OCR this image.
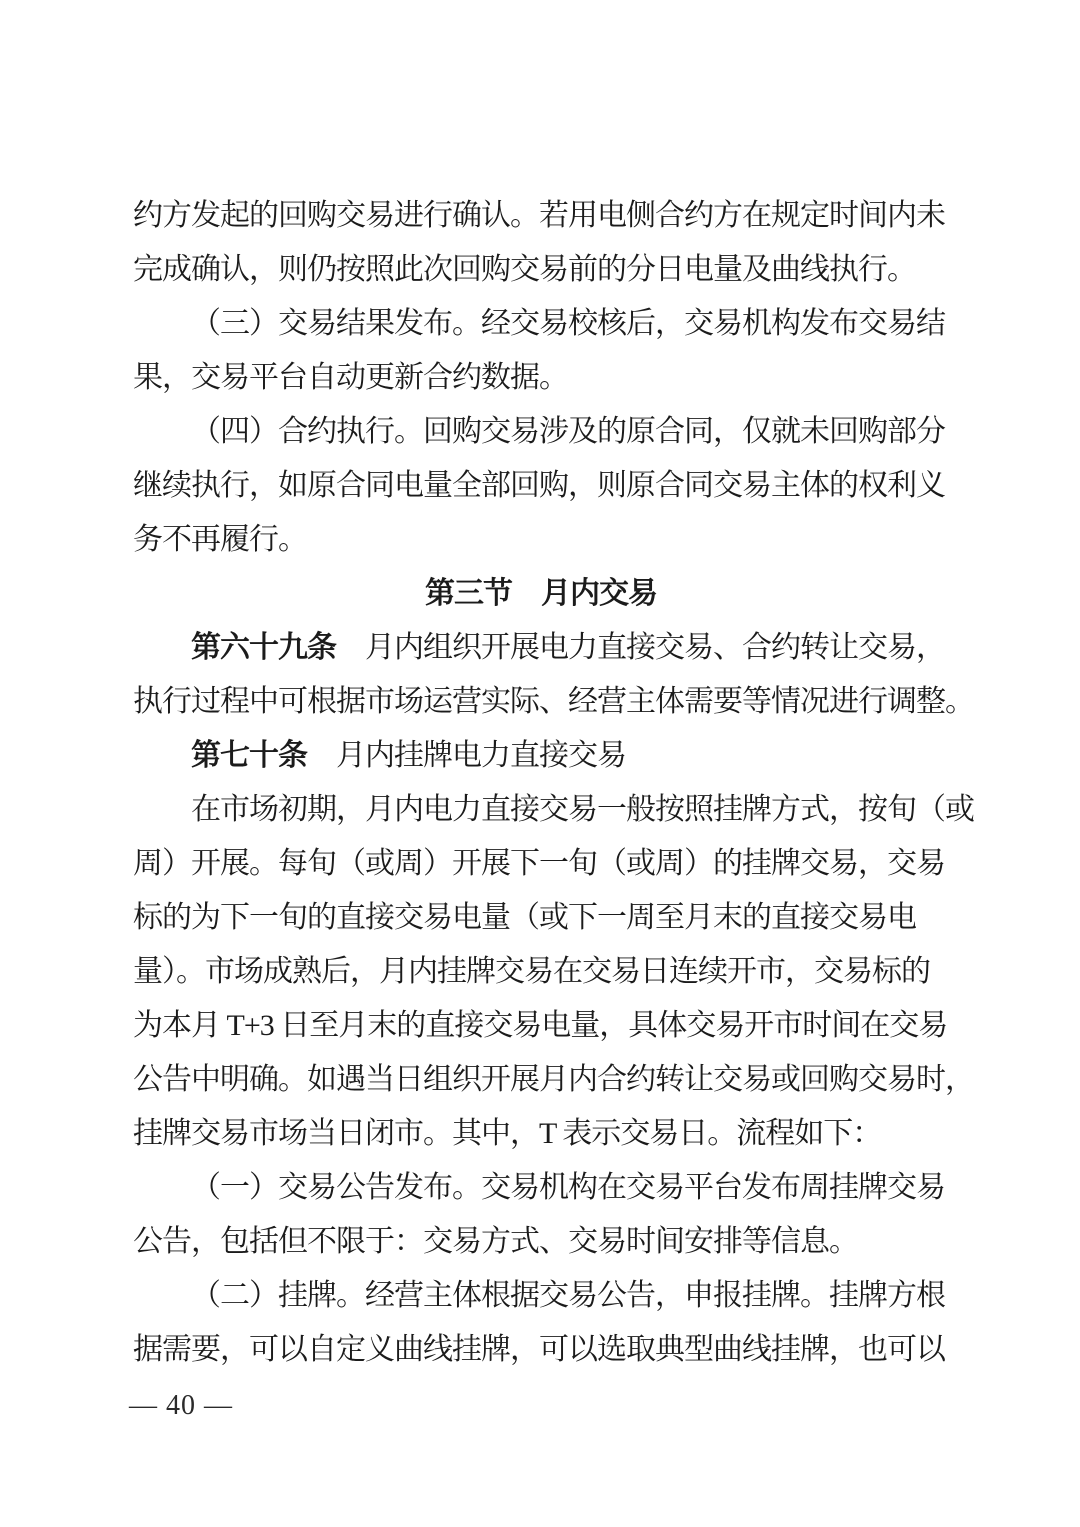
约方发起的回购交易进行确认。若用电侧合约方在规定时间内未
完成确认，则仍按照此次回购交易前的分日电量及曲线执行。
（三）交易结果发布。经交易校核后，交易机构发布交易结
果，交易平台自动更新合约数据。
（四）合约执行。回购交易涉及的原合同，仅就未回购部分
继续执行，如原合同电量全部回购，则原合同交易主体的权利义
务不再履行。
第三节　月内交易
第六十九条　月内组织开展电力直接交易、合约转让交易，
执行过程中可根据市场运营实际、经营主体需要等情况进行调整。
第七十条　月内挂牌电力直接交易
在市场初期，月内电力直接交易一般按照挂牌方式，按旬（或
周）开展。每旬（或周）开展下一旬（或周）的挂牌交易，交易
标的为下一旬的直接交易电量（或下一周至月末的直接交易电
量）。市场成熟后，月内挂牌交易在交易日连续开市，交易标的
为本月 T+3 日至月末的直接交易电量，具体交易开市时间在交易
公告中明确。如遇当日组织开展月内合约转让交易或回购交易时，
挂牌交易市场当日闭市。其中，T 表示交易日。流程如下：
（一）交易公告发布。交易机构在交易平台发布周挂牌交易
公告，包括但不限于：交易方式、交易时间安排等信息。
（二）挂牌。经营主体根据交易公告，申报挂牌。挂牌方根
据需要，可以自定义曲线挂牌，可以选取典型曲线挂牌，也可以
— 40 —
